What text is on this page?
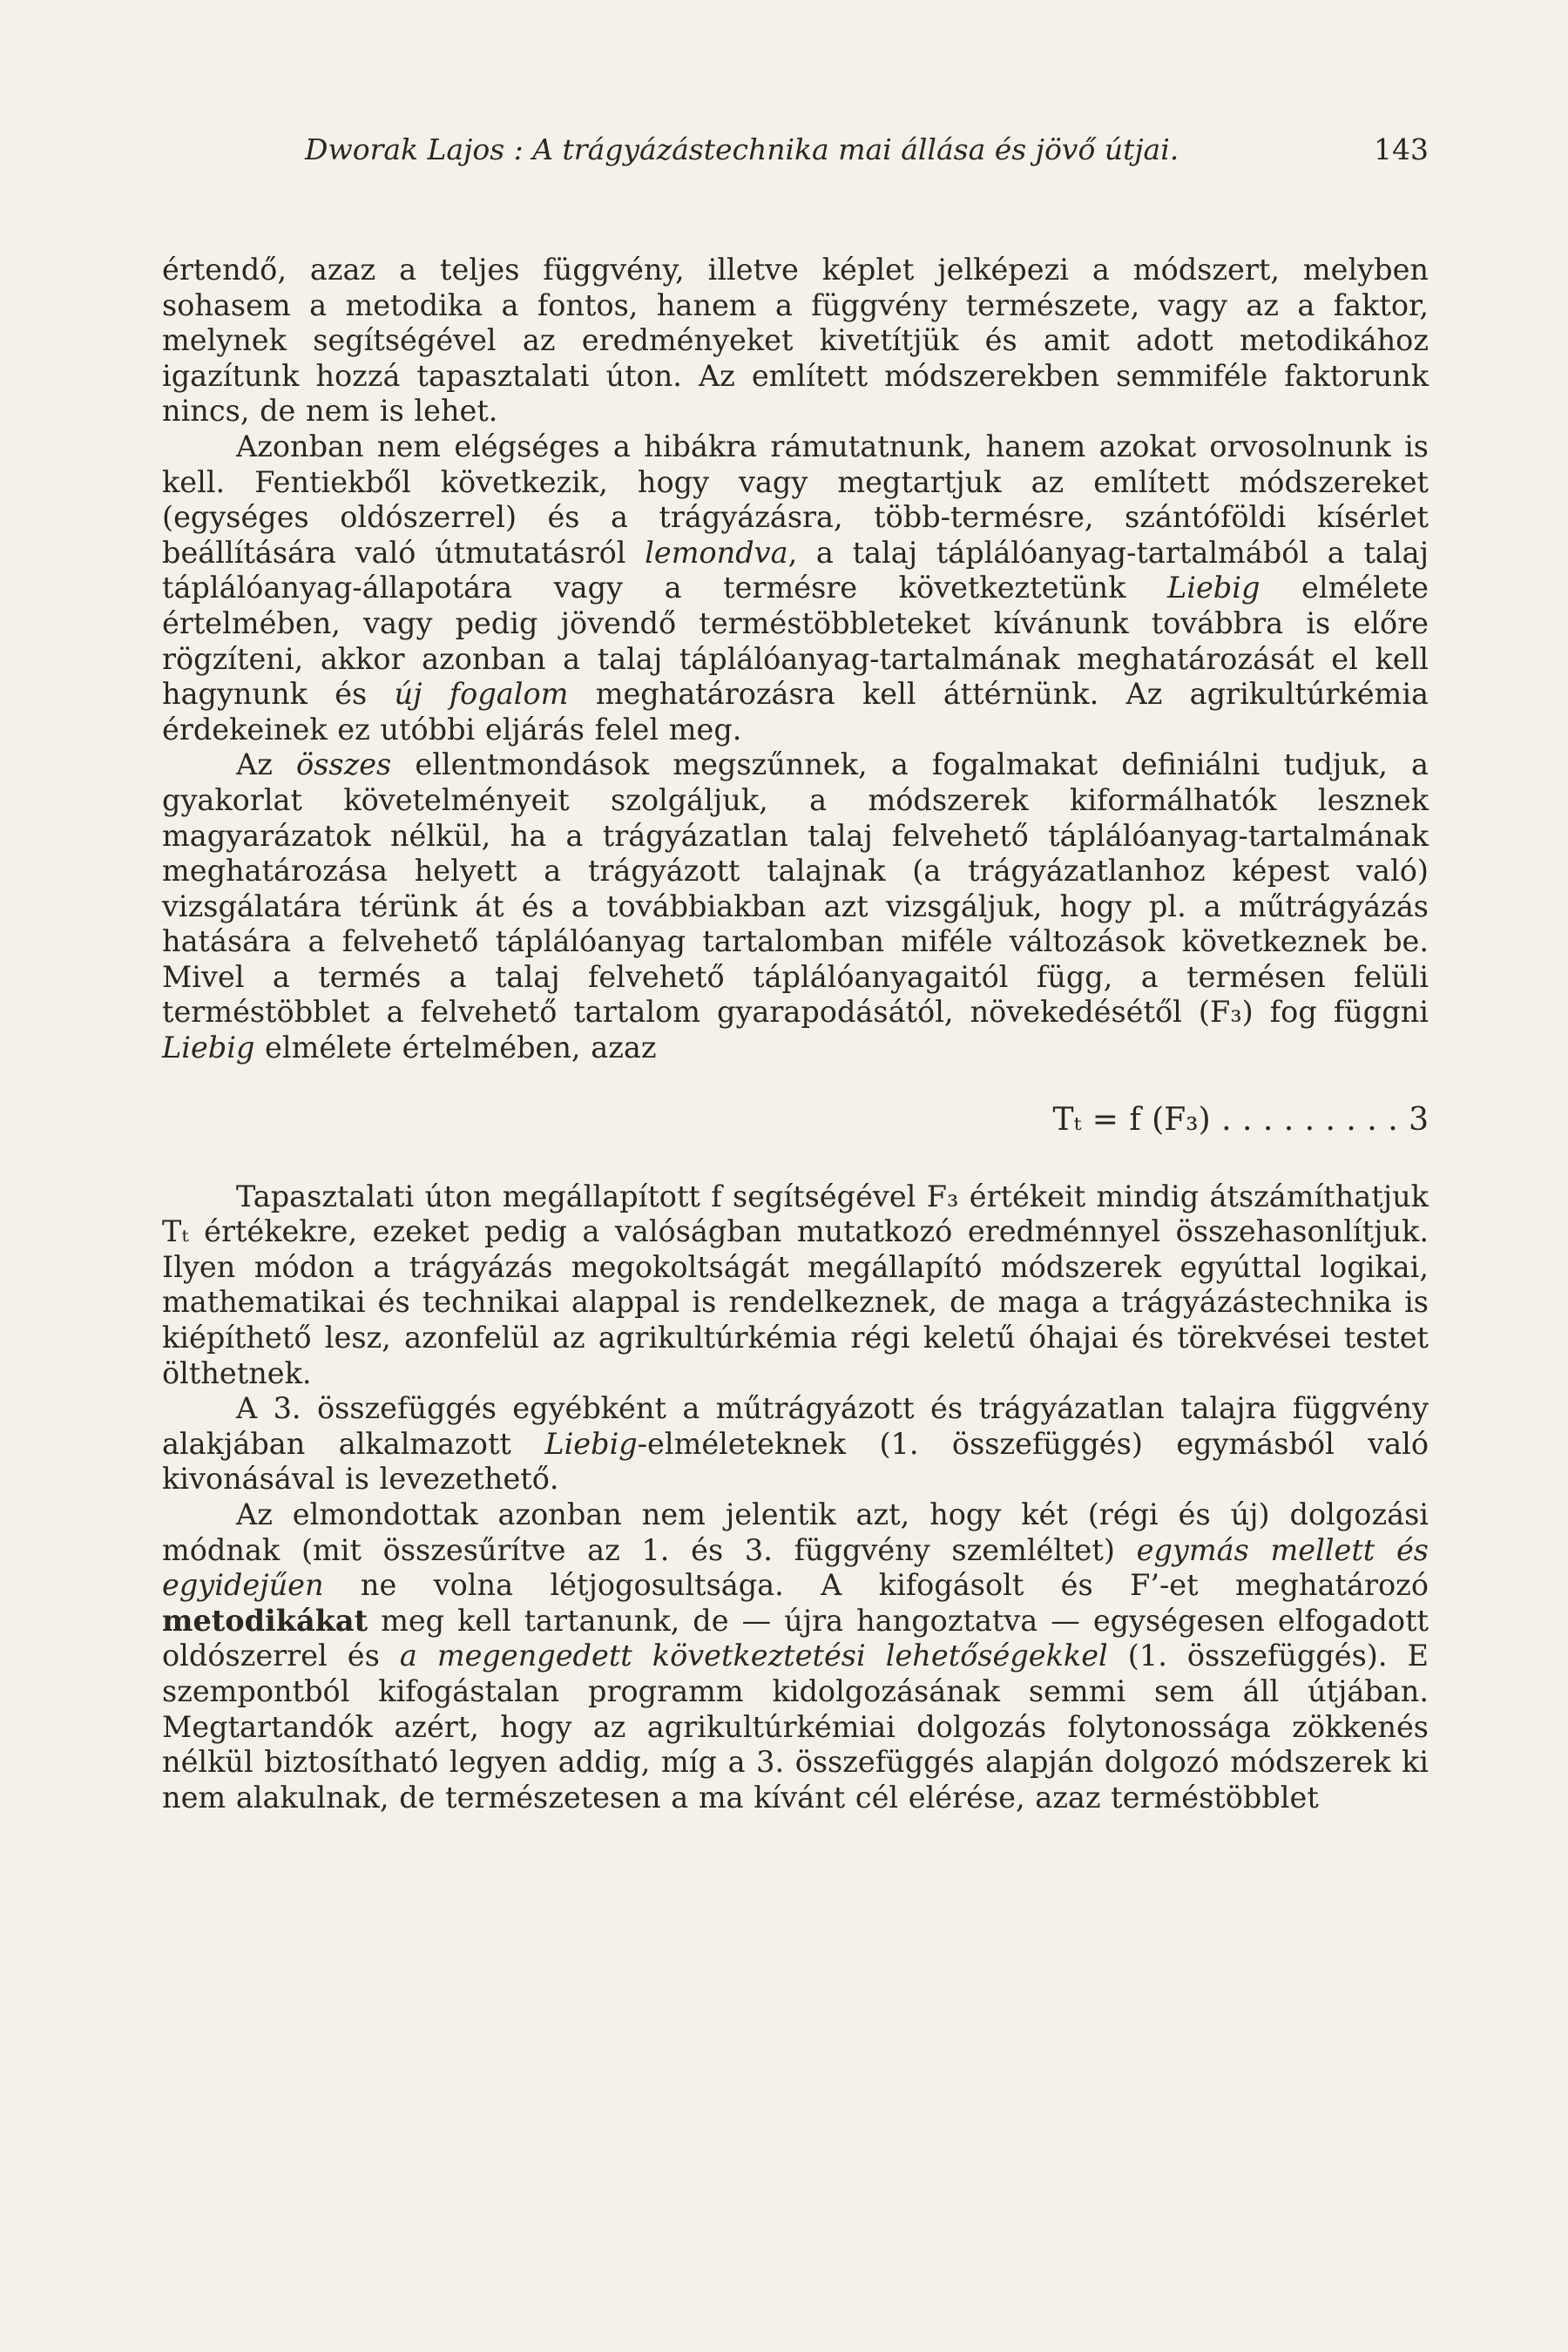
Dworak Lajos : A trágyázástechnika mai állása és jövő útjai.	143

értendő, azaz a teljes függvény, illetve képlet jelképezi a módszert, melyben sohasem a metodika a fontos, hanem a függvény természete, vagy az a faktor, melynek segítségével az eredményeket kivetítjük és amit adott metodikához igazítunk hozzá tapasztalati úton. Az említett módszerekben semmiféle faktorunk nincs, de nem is lehet.

Azonban nem elégséges a hibákra rámutatnunk, hanem azokat orvosolnunk is kell. Fentiekből következik, hogy vagy megtartjuk az említett módszereket (egységes oldószerrel) és a trágyázásra, több-termésre, szántóföldi kísérlet beállítására való útmutatásról lemondva, a talaj táplálóanyag-tartalmából a talaj táplálóanyag-állapotára vagy a termésre következtetünk Liebig elmélete értelmében, vagy pedig jövendő terméstöbbleteket kívánunk továbbra is előre rögzíteni, akkor azonban a talaj táplálóanyag-tartalmának meghatározását el kell hagynunk és új fogalom meghatározásra kell áttérnünk. Az agrikultúrkémia érdekeinek ez utóbbi eljárás felel meg.

Az összes ellentmondások megszűnnek, a fogalmakat definiálni tudjuk, a gyakorlat követelményeit szolgáljuk, a módszerek kiformálhatók lesznek magyarázatok nélkül, ha a trágyázatlan talaj felvehető táplálóanyag-tartalmának meghatározása helyett a trágyázott talajnak (a trágyázatlanhoz képest való) vizsgálatára térünk át és a továbbiakban azt vizsgáljuk, hogy pl. a műtrágyázás hatására a felvehető táplálóanyag tartalomban miféle változások következnek be. Mivel a termés a talaj felvehető táplálóanyagaitól függ, a termésen felüli terméstöbblet a felvehető tartalom gyarapodásától, növekedésétől (F₃) fog függni Liebig elmélete értelmében, azaz

Tₜ = f (F₃) . . . . . . . . . 3

Tapasztalati úton megállapított f segítségével F₃ értékeit mindig átszámíthatjuk Tₜ értékekre, ezeket pedig a valóságban mutatkozó eredménnyel összehasonlítjuk. Ilyen módon a trágyázás megokoltságát megállapító módszerek egyúttal logikai, mathematikai és technikai alappal is rendelkeznek, de maga a trágyázástechnika is kiépíthető lesz, azonfelül az agrikultúrkémia régi keletű óhajai és törekvései testet ölthetnek.

A 3. összefüggés egyébként a műtrágyázott és trágyázatlan talajra függvény alakjában alkalmazott Liebig-elméleteknek (1. összefüggés) egymásból való kivonásával is levezethető.

Az elmondottak azonban nem jelentik azt, hogy két (régi és új) dolgozási módnak (mit összesűrítve az 1. és 3. függvény szemléltet) egymás mellett és egyidejűen ne volna létjogosultsága. A kifogásolt és F’-et meghatározó metodikákat meg kell tartanunk, de — újra hangoztatva — egységesen elfogadott oldószerrel és a megengedett következtetési lehetőségekkel (1. összefüggés). E szempontból kifogástalan programm kidolgozásának semmi sem áll útjában. Megtartandók azért, hogy az agrikultúrkémiai dolgozás folytonossága zökkenés nélkül biztosítható legyen addig, míg a 3. összefüggés alapján dolgozó módszerek ki nem alakulnak, de természetesen a ma kívánt cél elérése, azaz terméstöbblet
